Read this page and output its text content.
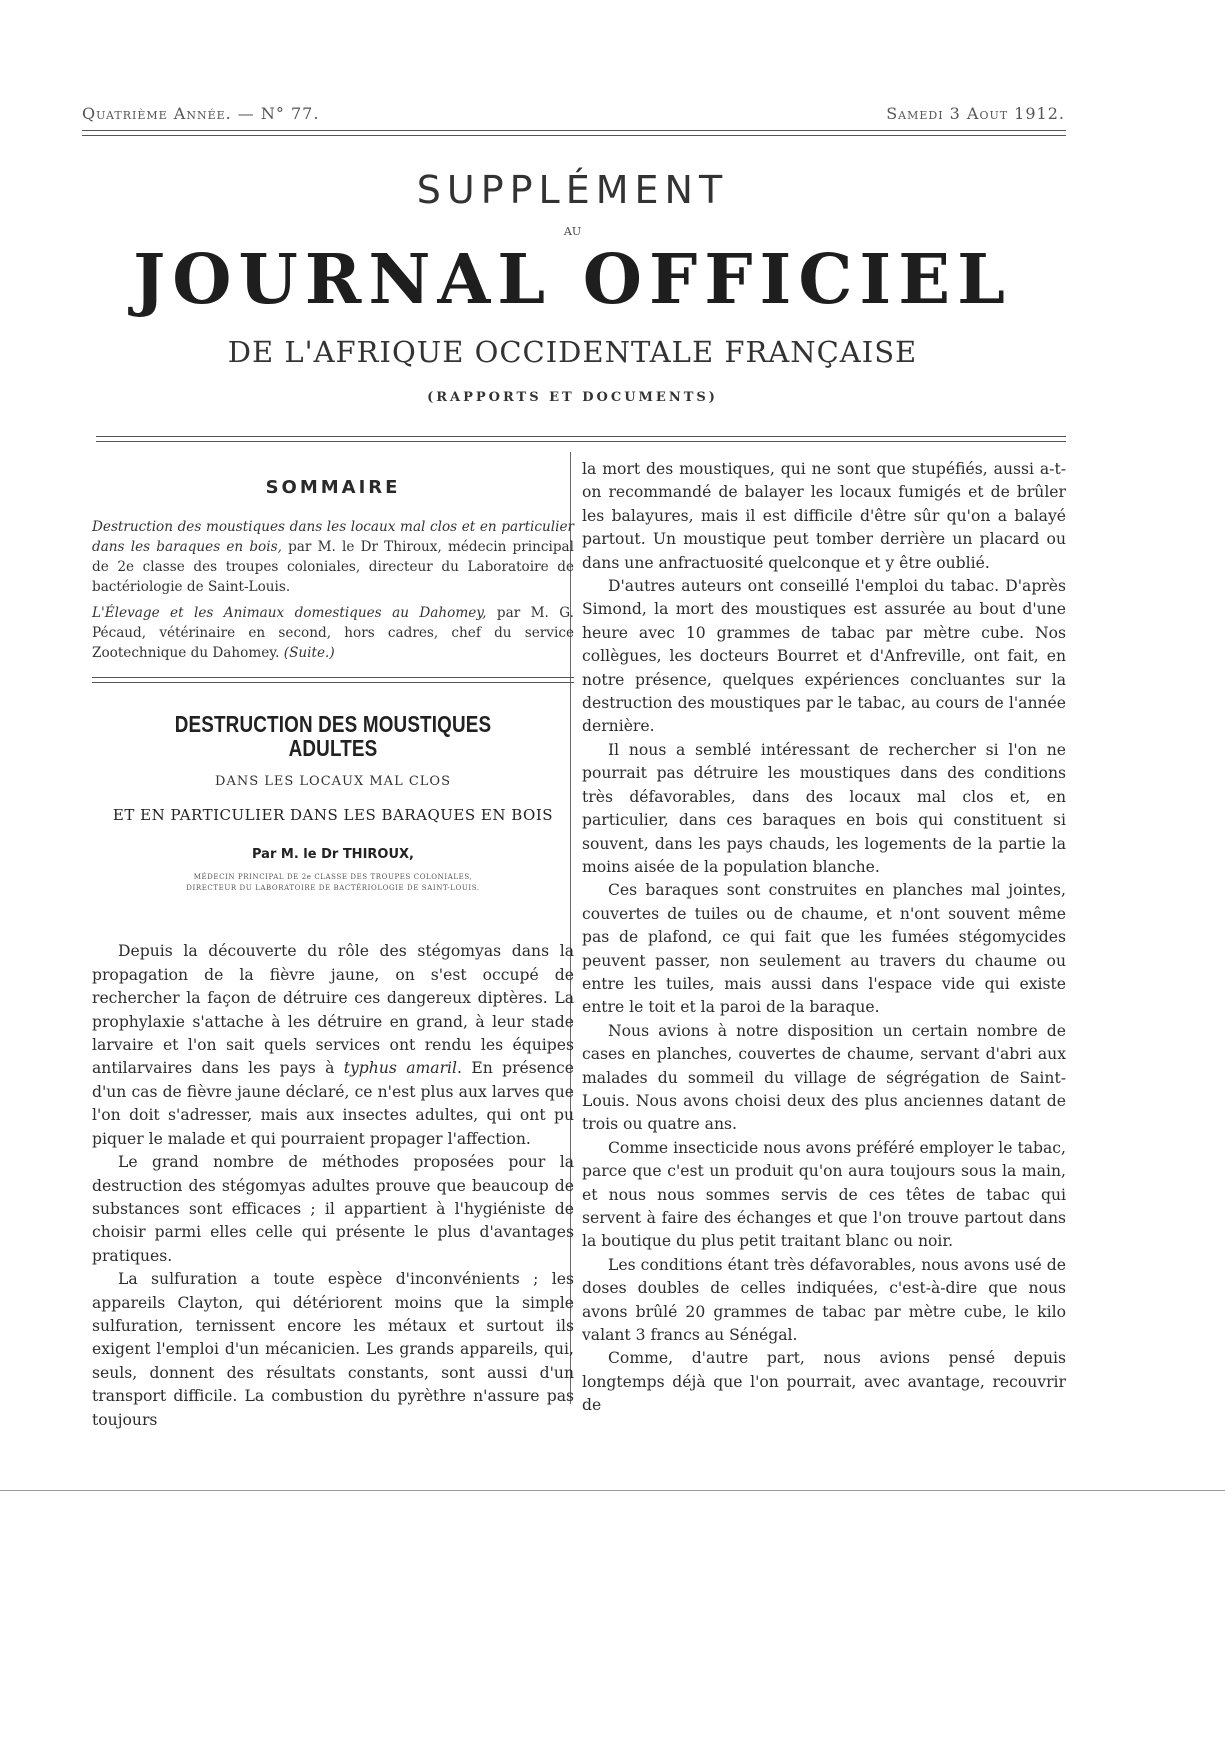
Quatrième Année. — N° 77.	Samedi 3 Aout 1912.
SUPPLÉMENT
AU
JOURNAL OFFICIEL
DE L'AFRIQUE OCCIDENTALE FRANÇAISE
(RAPPORTS ET DOCUMENTS)
SOMMAIRE

Destruction des moustiques dans les locaux mal clos et en particulier dans les baraques en bois, par M. le Dr Thiroux, médecin principal de 2e classe des troupes coloniales, directeur du Laboratoire de bactériologie de Saint-Louis.

L'Élevage et les Animaux domestiques au Dahomey, par M. G. Pécaud, vétérinaire en second, hors cadres, chef du service Zootechnique du Dahomey. (Suite.)

DESTRUCTION DES MOUSTIQUES ADULTES
DANS LES LOCAUX MAL CLOS
ET EN PARTICULIER DANS LES BARAQUES EN BOIS
Par M. le Dr THIROUX,
MÉDECIN PRINCIPAL DE 2e CLASSE DES TROUPES COLONIALES,
DIRECTEUR DU LABORATOIRE DE BACTÉRIOLOGIE DE SAINT-LOUIS.

Depuis la découverte du rôle des stégomyas dans la propagation de la fièvre jaune, on s'est occupé de rechercher la façon de détruire ces dangereux diptères. La prophylaxie s'attache à les détruire en grand, à leur stade larvaire et l'on sait quels services ont rendu les équipes antilarvaires dans les pays à typhus amaril. En présence d'un cas de fièvre jaune déclaré, ce n'est plus aux larves que l'on doit s'adresser, mais aux insectes adultes, qui ont pu piquer le malade et qui pourraient propager l'affection.

Le grand nombre de méthodes proposées pour la destruction des stégomyas adultes prouve que beaucoup de substances sont efficaces ; il appartient à l'hygiéniste de choisir parmi elles celle qui présente le plus d'avantages pratiques.

La sulfuration a toute espèce d'inconvénients ; les appareils Clayton, qui détériorent moins que la simple sulfuration, ternissent encore les métaux et surtout ils exigent l'emploi d'un mécanicien. Les grands appareils, qui, seuls, donnent des résultats constants, sont aussi d'un transport difficile. La combustion du pyrèthre n'assure pas toujours

la mort des moustiques, qui ne sont que stupéfiés, aussi a-t-on recommandé de balayer les locaux fumigés et de brûler les balayures, mais il est difficile d'être sûr qu'on a balayé partout. Un moustique peut tomber derrière un placard ou dans une anfractuosité quelconque et y être oublié.

D'autres auteurs ont conseillé l'emploi du tabac. D'après Simond, la mort des moustiques est assurée au bout d'une heure avec 10 grammes de tabac par mètre cube. Nos collègues, les docteurs Bourret et d'Anfreville, ont fait, en notre présence, quelques expériences concluantes sur la destruction des moustiques par le tabac, au cours de l'année dernière.

Il nous a semblé intéressant de rechercher si l'on ne pourrait pas détruire les moustiques dans des conditions très défavorables, dans des locaux mal clos et, en particulier, dans ces baraques en bois qui constituent si souvent, dans les pays chauds, les logements de la partie la moins aisée de la population blanche.

Ces baraques sont construites en planches mal jointes, couvertes de tuiles ou de chaume, et n'ont souvent même pas de plafond, ce qui fait que les fumées stégomycides peuvent passer, non seulement au travers du chaume ou entre les tuiles, mais aussi dans l'espace vide qui existe entre le toit et la paroi de la baraque.

Nous avions à notre disposition un certain nombre de cases en planches, couvertes de chaume, servant d'abri aux malades du sommeil du village de ségrégation de Saint-Louis. Nous avons choisi deux des plus anciennes datant de trois ou quatre ans.

Comme insecticide nous avons préféré employer le tabac, parce que c'est un produit qu'on aura toujours sous la main, et nous nous sommes servis de ces têtes de tabac qui servent à faire des échanges et que l'on trouve partout dans la boutique du plus petit traitant blanc ou noir.

Les conditions étant très défavorables, nous avons usé de doses doubles de celles indiquées, c'est-à-dire que nous avons brûlé 20 grammes de tabac par mètre cube, le kilo valant 3 francs au Sénégal.

Comme, d'autre part, nous avions pensé depuis longtemps déjà que l'on pourrait, avec avantage, recouvrir de
